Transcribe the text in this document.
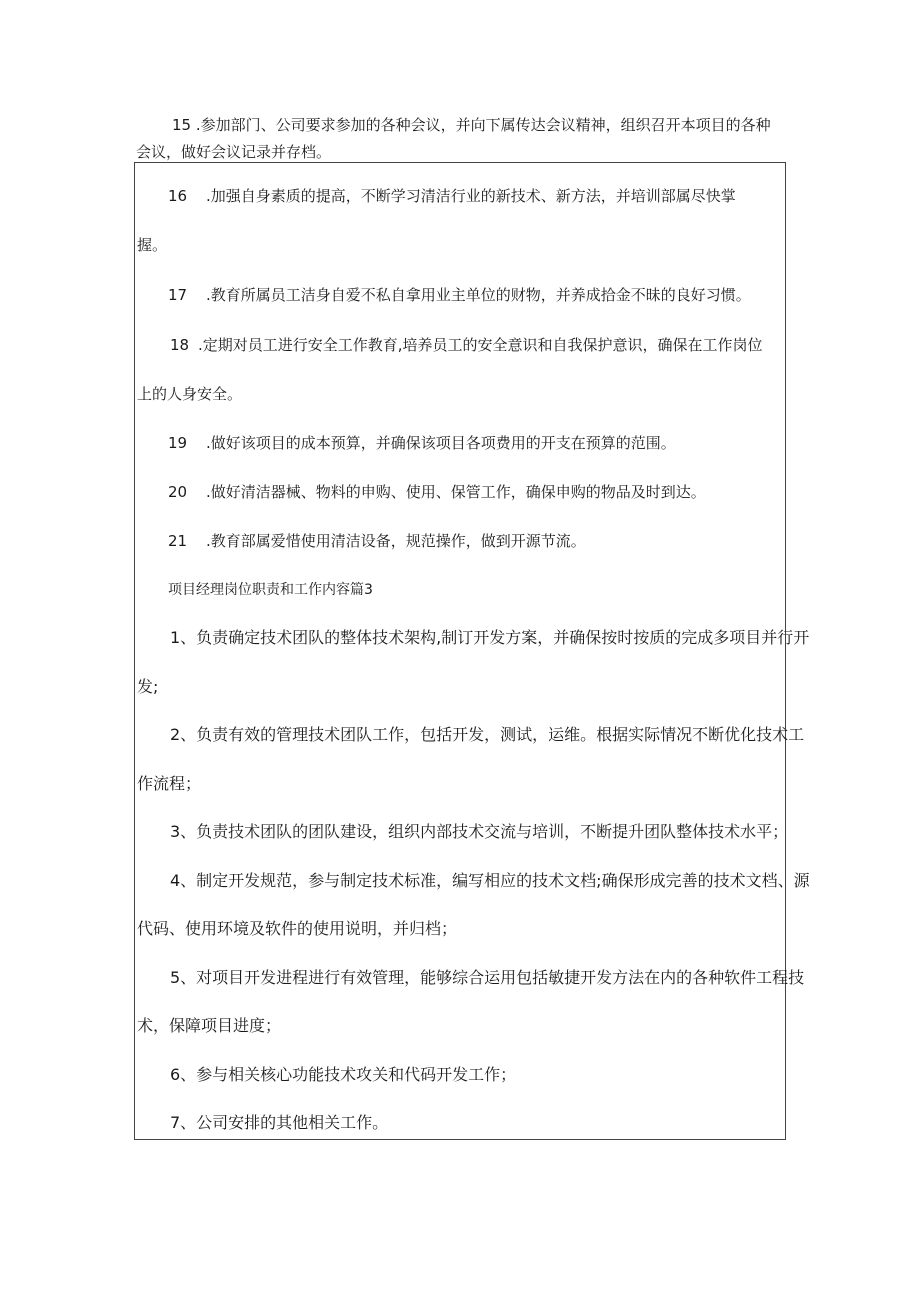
15 .参加部门、公司要求参加的各种会议，并向下属传达会议精神，组织召开本项目的各种
会议，做好会议记录并存档。
16 .加强自身素质的提高，不断学习清洁行业的新技术、新方法，并培训部属尽快掌
握。
17 .教育所属员工洁身自爱不私自拿用业主单位的财物，并养成拾金不昧的良好习惯。
18 .定期对员工进行安全工作教育,培养员工的安全意识和自我保护意识，确保在工作岗位
上的人身安全。
19 .做好该项目的成本预算，并确保该项目各项费用的开支在预算的范围。
20 .做好清洁器械、物料的申购、使用、保管工作，确保申购的物品及时到达。
21 .教育部属爱惜使用清洁设备，规范操作，做到开源节流。
项目经理岗位职责和工作内容篇3
1、负责确定技术团队的整体技术架构,制订开发方案，并确保按时按质的完成多项目并行开
发;
2、负责有效的管理技术团队工作，包括开发，测试，运维。根据实际情况不断优化技术工
作流程；
3、负责技术团队的团队建设，组织内部技术交流与培训，不断提升团队整体技术水平；
4、制定开发规范，参与制定技术标准，编写相应的技术文档;确保形成完善的技术文档、源
代码、使用环境及软件的使用说明，并归档；
5、对项目开发进程进行有效管理，能够综合运用包括敏捷开发方法在内的各种软件工程技
术，保障项目进度；
6、参与相关核心功能技术攻关和代码开发工作；
7、公司安排的其他相关工作。
